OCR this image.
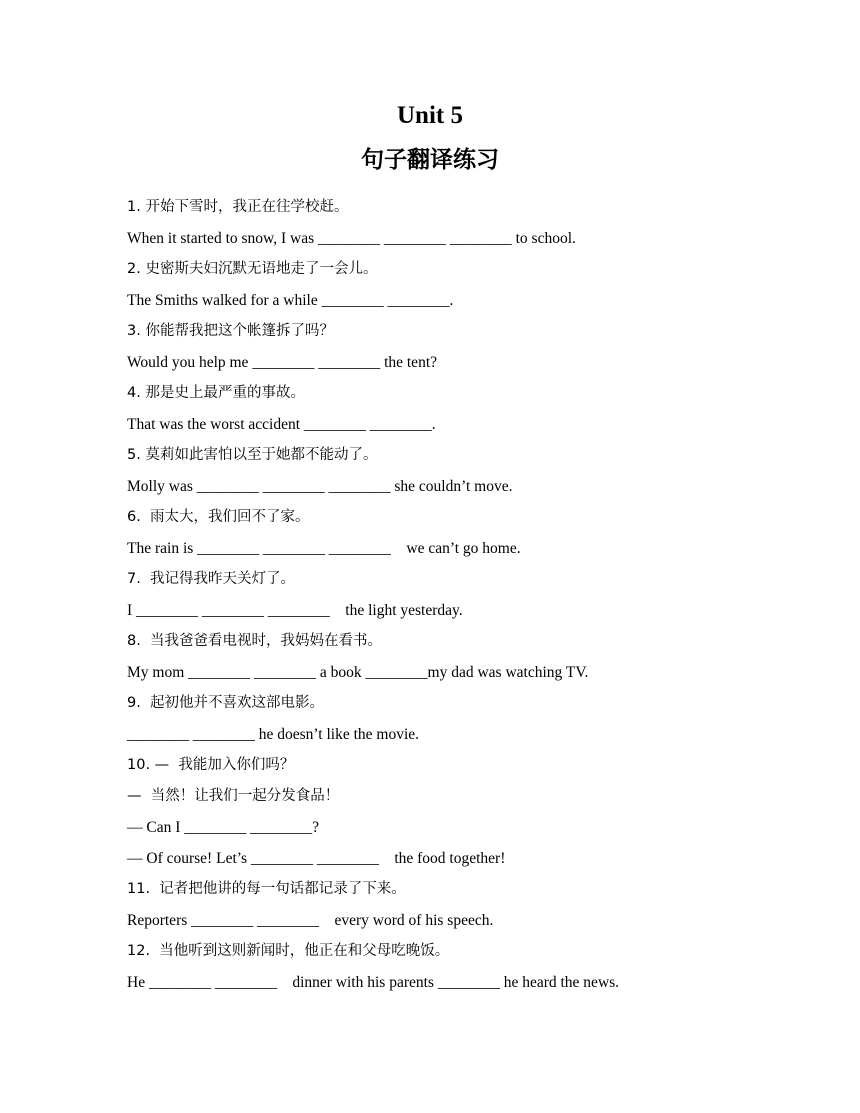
Unit 5
句子翻译练习
1. 开始下雪时，我正在往学校赶。
When it started to snow, I was ________ ________ ________ to school.
2. 史密斯夫妇沉默无语地走了一会儿。
The Smiths walked for a while ________ ________.
3. 你能帮我把这个帐篷拆了吗？
Would you help me ________ ________ the tent?
4. 那是史上最严重的事故。
That was the worst accident ________ ________.
5. 莫莉如此害怕以至于她都不能动了。
Molly was ________ ________ ________ she couldn’t move.
6.  雨太大，我们回不了家。
The rain is ________ ________ ________    we can’t go home.
7.  我记得我昨天关灯了。
I ________ ________ ________    the light yesterday.
8.  当我爸爸看电视时，我妈妈在看书。
My mom ________ ________ a book ________my dad was watching TV.
9.  起初他并不喜欢这部电影。
________ ________ he doesn’t like the movie.
10. —  我能加入你们吗？
—  当然！让我们一起分发食品！
— Can I ________ ________?
— Of course! Let’s ________ ________    the food together!
11.  记者把他讲的每一句话都记录了下来。
Reporters ________ ________    every word of his speech.
12.  当他听到这则新闻时，他正在和父母吃晚饭。
He ________ ________    dinner with his parents ________ he heard the news.
